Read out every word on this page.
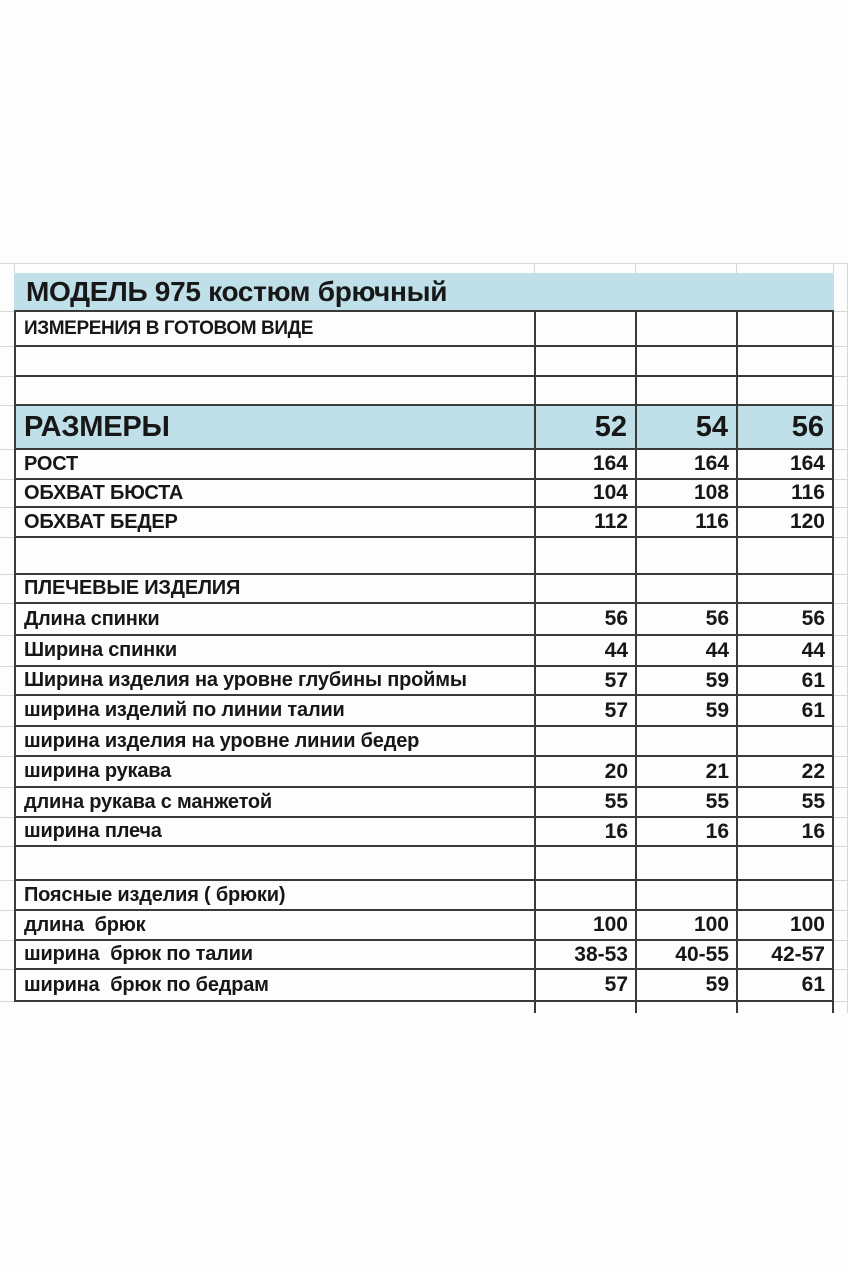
МОДЕЛЬ 975 костюм брючный
ИЗМЕРЕНИЯ В ГОТОВОМ ВИДЕ
РАЗМЕРЫ	52	54	56
РОСТ	164	164	164
ОБХВАТ БЮСТА	104	108	116
ОБХВАТ БЕДЕР	112	116	120
ПЛЕЧЕВЫЕ ИЗДЕЛИЯ
Длина спинки	56	56	56
Ширина спинки	44	44	44
Ширина изделия на уровне глубины проймы	57	59	61
ширина изделий по линии талии	57	59	61
ширина изделия на уровне линии бедер
ширина рукава	20	21	22
длина рукава с манжетой	55	55	55
ширина плеча	16	16	16
Поясные изделия ( брюки)
длина  брюк	100	100	100
ширина  брюк по талии	38-53	40-55	42-57
ширина  брюк по бедрам	57	59	61
